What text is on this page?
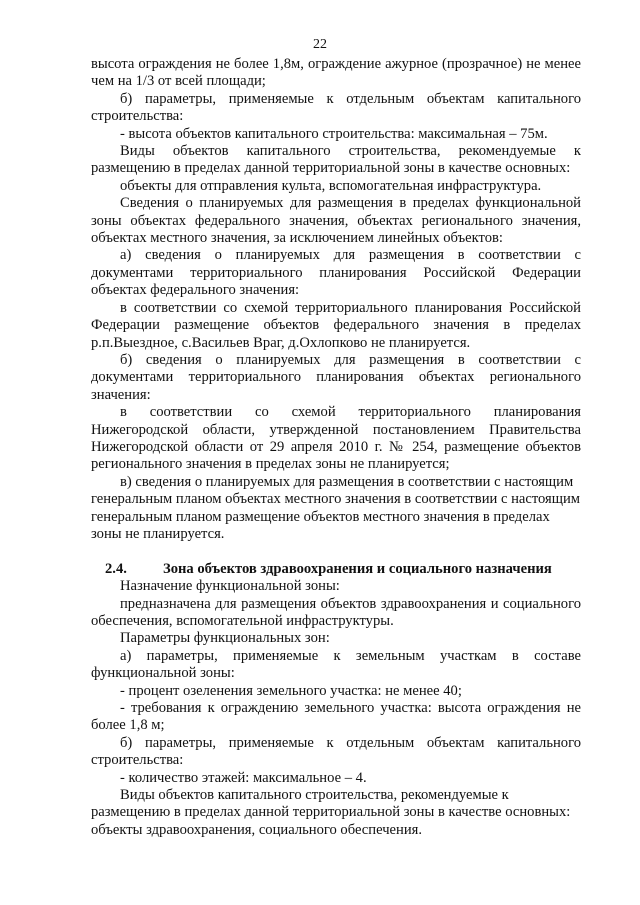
22

высота ограждения не более 1,8м, ограждение ажурное (прозрачное) не менее чем на 1/3 от всей площади;

б) параметры, применяемые к отдельным объектам капитального строительства:

- высота объектов капитального строительства: максимальная – 75м.

Виды объектов капитального строительства, рекомендуемые к размещению в пределах данной территориальной зоны в качестве основных:

объекты для отправления культа, вспомогательная инфраструктура.

Сведения о планируемых для размещения в пределах функциональной зоны объектах федерального значения, объектах регионального значения, объектах местного значения, за исключением линейных объектов:

а) сведения о планируемых для размещения в соответствии с документами территориального планирования Российской Федерации объектах федерального значения:

в соответствии со схемой территориального планирования Российской Федерации размещение объектов федерального значения в пределах р.п.Выездное, с.Васильев Враг, д.Охлопково не планируется.

б) сведения о планируемых для размещения в соответствии с документами территориального планирования объектах регионального значения:

в соответствии со схемой территориального планирования Нижегородской области, утвержденной постановлением Правительства Нижегородской области от 29 апреля 2010 г. № 254, размещение объектов регионального значения в пределах зоны не планируется;

в) сведения о планируемых для размещения в соответствии с настоящим генеральным планом объектах местного значения в соответствии с настоящим генеральным планом размещение объектов местного значения в пределах зоны не планируется.

2.4. Зона объектов здравоохранения и социального назначения

Назначение функциональной зоны:

предназначена для размещения объектов здравоохранения и социального обеспечения, вспомогательной инфраструктуры.

Параметры функциональных зон:

а) параметры, применяемые к земельным участкам в составе функциональной зоны:

- процент озеленения земельного участка: не менее 40;

- требования к ограждению земельного участка: высота ограждения не более 1,8 м;

б) параметры, применяемые к отдельным объектам капитального строительства:

- количество этажей: максимальное – 4.

Виды объектов капитального строительства, рекомендуемые к размещению в пределах данной территориальной зоны в качестве основных: объекты здравоохранения, социального обеспечения.
